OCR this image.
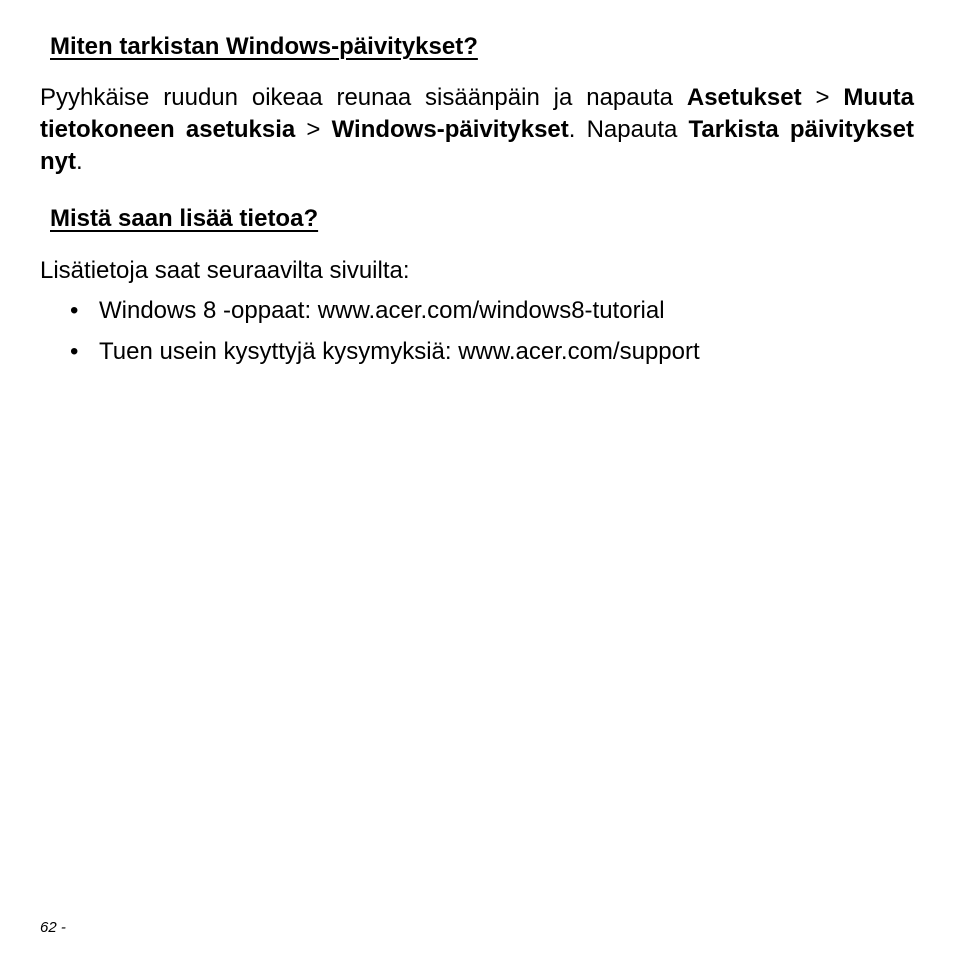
Miten tarkistan Windows-päivitykset?

Pyyhkäise ruudun oikeaa reunaa sisäänpäin ja napauta Asetukset > Muuta tietokoneen asetuksia > Windows-päivitykset. Napauta Tarkista päivitykset nyt.

Mistä saan lisää tietoa?

Lisätietoja saat seuraavilta sivuilta:

• Windows 8 -oppaat: www.acer.com/windows8-tutorial
• Tuen usein kysyttyjä kysymyksiä: www.acer.com/support
62 -
